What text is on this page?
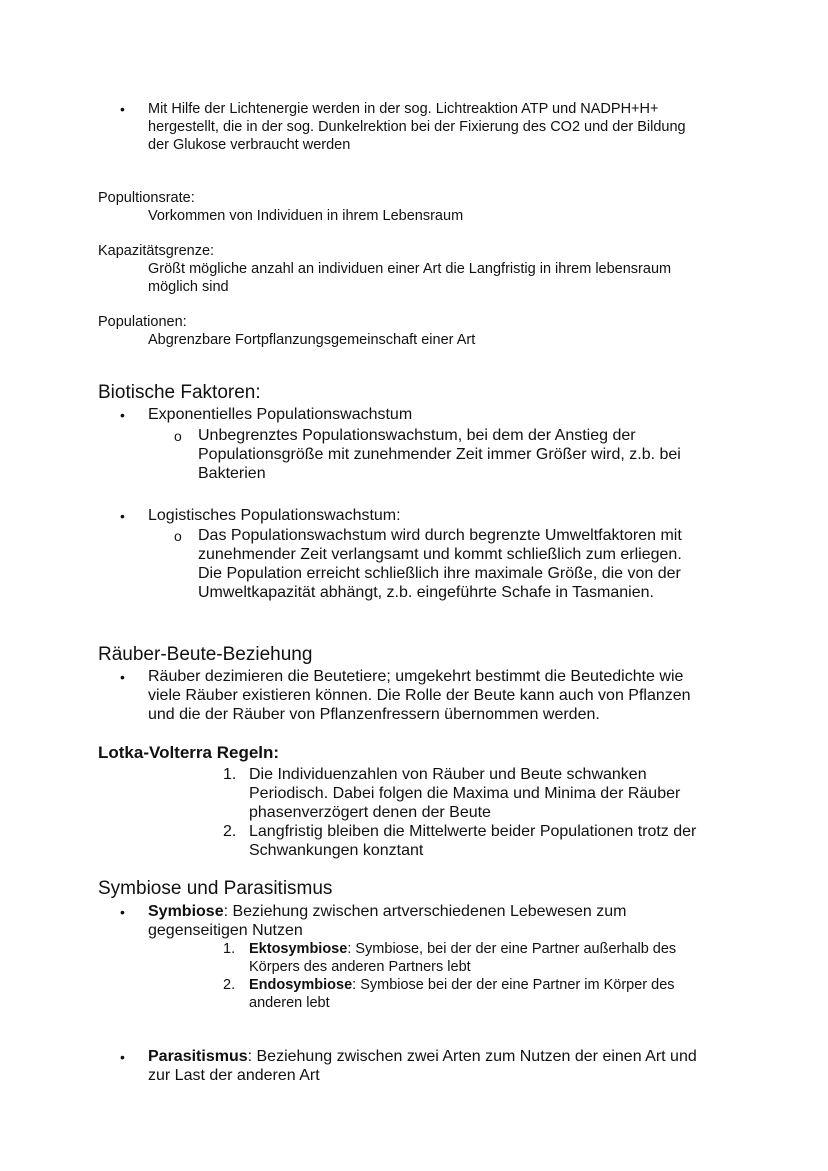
• Mit Hilfe der Lichtenergie werden in der sog. Lichtreaktion ATP und NADPH+H+
hergestellt, die in der sog. Dunkelrektion bei der Fixierung des CO2 und der Bildung
der Glukose verbraucht werden
Popultionsrate:
Vorkommen von Individuen in ihrem Lebensraum
Kapazitätsgrenze:
Größt mögliche anzahl an individuen einer Art die Langfristig in ihrem lebensraum
möglich sind
Populationen:
Abgrenzbare Fortpflanzungsgemeinschaft einer Art
Biotische Faktoren:
• Exponentielles Populationswachstum
o Unbegrenztes Populationswachstum, bei dem der Anstieg der
Populationsgröße mit zunehmender Zeit immer Größer wird, z.b. bei
Bakterien
• Logistisches Populationswachstum:
o Das Populationswachstum wird durch begrenzte Umweltfaktoren mit
zunehmender Zeit verlangsamt und kommt schließlich zum erliegen.
Die Population erreicht schließlich ihre maximale Größe, die von der
Umweltkapazität abhängt, z.b. eingeführte Schafe in Tasmanien.
Räuber-Beute-Beziehung
• Räuber dezimieren die Beutetiere; umgekehrt bestimmt die Beutedichte wie
viele Räuber existieren können. Die Rolle der Beute kann auch von Pflanzen
und die der Räuber von Pflanzenfressern übernommen werden.
Lotka-Volterra Regeln:
1. Die Individuenzahlen von Räuber und Beute schwanken
Periodisch. Dabei folgen die Maxima und Minima der Räuber
phasenverzögert denen der Beute
2. Langfristig bleiben die Mittelwerte beider Populationen trotz der
Schwankungen konztant
Symbiose und Parasitismus
• Symbiose: Beziehung zwischen artverschiedenen Lebewesen zum
gegenseitigen Nutzen
1. Ektosymbiose: Symbiose, bei der der eine Partner außerhalb des
Körpers des anderen Partners lebt
2. Endosymbiose: Symbiose bei der der eine Partner im Körper des
anderen lebt
• Parasitismus: Beziehung zwischen zwei Arten zum Nutzen der einen Art und
zur Last der anderen Art
